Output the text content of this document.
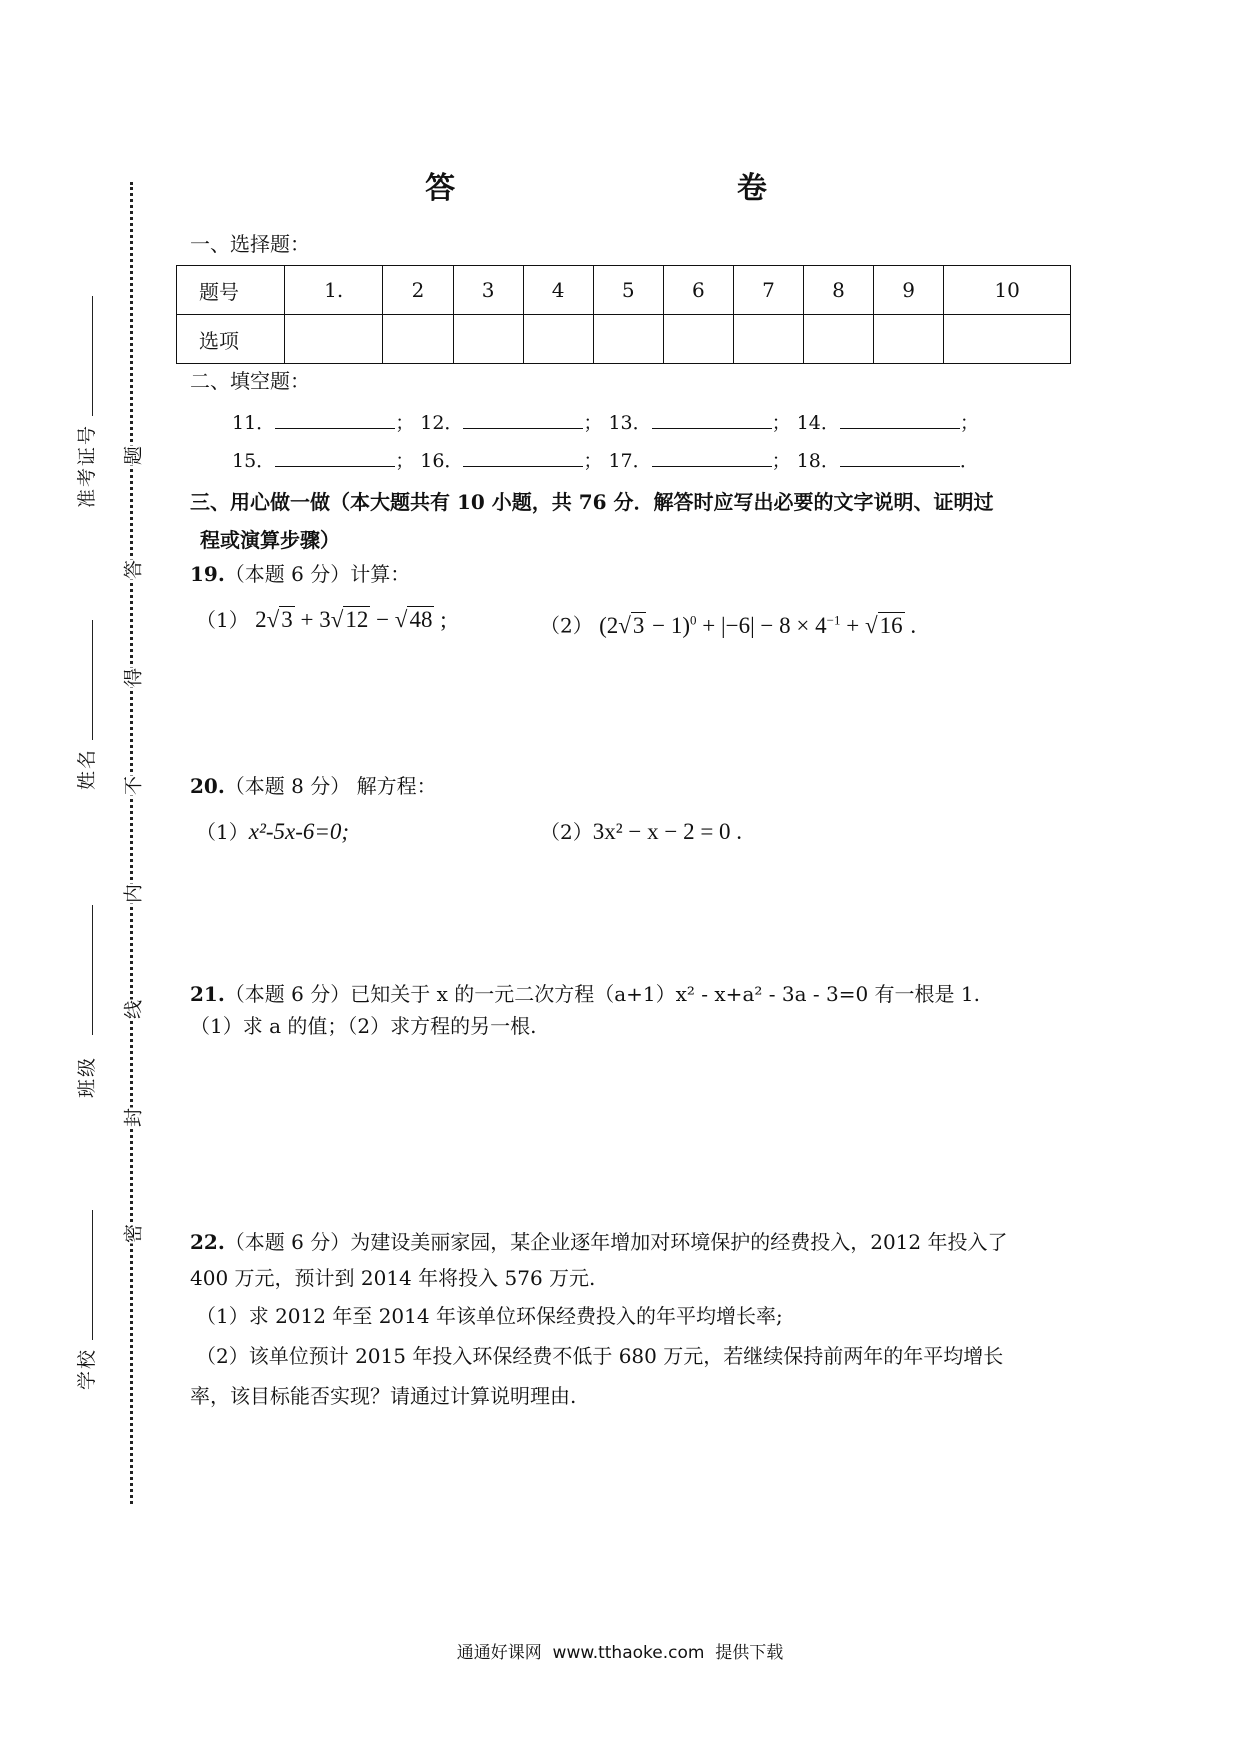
准考证号
姓名
班级
学校
题
答
得
不
内
线
封
密
答    卷
一、选择题：
题号	1.	2	3	4	5	6	7	8	9	10
选项										
二、填空题：
11．	； 12．	； 13．	； 14．	；
15．	； 16．	； 17．	； 18．	．
三、用心做一做（本大题共有 10 小题，共 76 分．解答时应写出必要的文字说明、证明过
程或演算步骤）
19.（本题 6 分）计算：
（1） 2√3 + 3√12 − √48 ;	（2） $(2√3 - 1)^0 + |-6| - 8 \times 4^{-1} + √16$ .
20.（本题 8 分） 解方程：
（1）x²-5x-6=0;	（2）3x² − x − 2 = 0 .
21.（本题 6 分）已知关于 x 的一元二次方程（a+1）x² - x+a² - 3a - 3=0 有一根是 1.
（1）求 a 的值；（2）求方程的另一根.
22.（本题 6 分）为建设美丽家园，某企业逐年增加对环境保护的经费投入，2012 年投入了
400 万元，预计到 2014 年将投入 576 万元.
（1）求 2012 年至 2014 年该单位环保经费投入的年平均增长率;
（2）该单位预计 2015 年投入环保经费不低于 680 万元，若继续保持前两年的年平均增长
率，该目标能否实现？请通过计算说明理由.
通通好课网  www.tthaoke.com  提供下载
